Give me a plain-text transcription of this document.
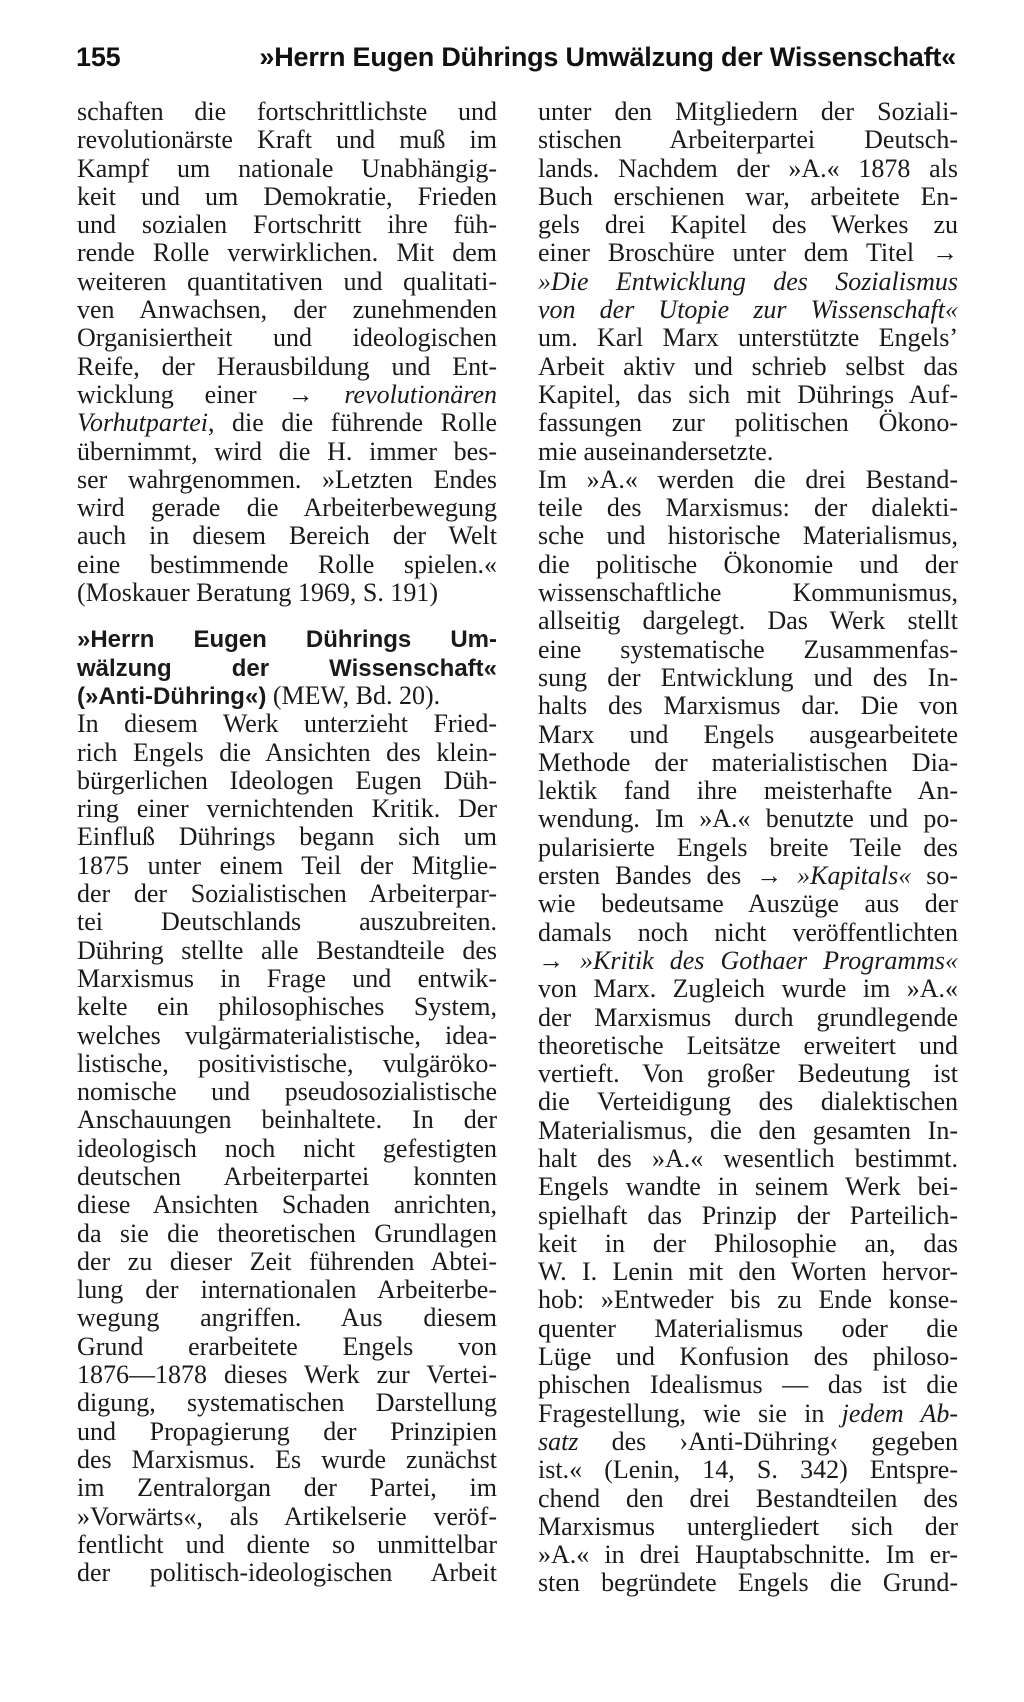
155	»Herrn Eugen Dührings Umwälzung der Wissenschaft«
schaften die fortschrittlichste und
revolutionärste Kraft und muß im
Kampf um nationale Unabhängig-
keit und um Demokratie, Frieden
und sozialen Fortschritt ihre füh-
rende Rolle verwirklichen. Mit dem
weiteren quantitativen und qualitati-
ven Anwachsen, der zunehmenden
Organisiertheit und ideologischen
Reife, der Herausbildung und Ent-
wicklung einer → revolutionären
Vorhutpartei, die die führende Rolle
übernimmt, wird die H. immer bes-
ser wahrgenommen. »Letzten Endes
wird gerade die Arbeiterbewegung
auch in diesem Bereich der Welt
eine bestimmende Rolle spielen.«
(Moskauer Beratung 1969, S. 191)
»Herrn Eugen Dührings Um-
wälzung der Wissenschaft«
(»Anti-Dühring«) (MEW, Bd. 20).
In diesem Werk unterzieht Fried-
rich Engels die Ansichten des klein-
bürgerlichen Ideologen Eugen Düh-
ring einer vernichtenden Kritik. Der
Einfluß Dührings begann sich um
1875 unter einem Teil der Mitglie-
der der Sozialistischen Arbeiterpar-
tei Deutschlands auszubreiten.
Dühring stellte alle Bestandteile des
Marxismus in Frage und entwik-
kelte ein philosophisches System,
welches vulgärmaterialistische, idea-
listische, positivistische, vulgäröko-
nomische und pseudosozialistische
Anschauungen beinhaltete. In der
ideologisch noch nicht gefestigten
deutschen Arbeiterpartei konnten
diese Ansichten Schaden anrichten,
da sie die theoretischen Grundlagen
der zu dieser Zeit führenden Abtei-
lung der internationalen Arbeiterbe-
wegung angriffen. Aus diesem
Grund erarbeitete Engels von
1876—1878 dieses Werk zur Vertei-
digung, systematischen Darstellung
und Propagierung der Prinzipien
des Marxismus. Es wurde zunächst
im Zentralorgan der Partei, im
»Vorwärts«, als Artikelserie veröf-
fentlicht und diente so unmittelbar
der politisch-ideologischen Arbeit
unter den Mitgliedern der Soziali-
stischen Arbeiterpartei Deutsch-
lands. Nachdem der »A.« 1878 als
Buch erschienen war, arbeitete En-
gels drei Kapitel des Werkes zu
einer Broschüre unter dem Titel →
»Die Entwicklung des Sozialismus
von der Utopie zur Wissenschaft«
um. Karl Marx unterstützte Engels’
Arbeit aktiv und schrieb selbst das
Kapitel, das sich mit Dührings Auf-
fassungen zur politischen Ökono-
mie auseinandersetzte.
Im »A.« werden die drei Bestand-
teile des Marxismus: der dialekti-
sche und historische Materialismus,
die politische Ökonomie und der
wissenschaftliche Kommunismus,
allseitig dargelegt. Das Werk stellt
eine systematische Zusammenfas-
sung der Entwicklung und des In-
halts des Marxismus dar. Die von
Marx und Engels ausgearbeitete
Methode der materialistischen Dia-
lektik fand ihre meisterhafte An-
wendung. Im »A.« benutzte und po-
pularisierte Engels breite Teile des
ersten Bandes des → »Kapitals« so-
wie bedeutsame Auszüge aus der
damals noch nicht veröffentlichten
→ »Kritik des Gothaer Programms«
von Marx. Zugleich wurde im »A.«
der Marxismus durch grundlegende
theoretische Leitsätze erweitert und
vertieft. Von großer Bedeutung ist
die Verteidigung des dialektischen
Materialismus, die den gesamten In-
halt des »A.« wesentlich bestimmt.
Engels wandte in seinem Werk bei-
spielhaft das Prinzip der Parteilich-
keit in der Philosophie an, das
W. I. Lenin mit den Worten hervor-
hob: »Entweder bis zu Ende konse-
quenter Materialismus oder die
Lüge und Konfusion des philoso-
phischen Idealismus — das ist die
Fragestellung, wie sie in jedem Ab-
satz des ›Anti-Dühring‹ gegeben
ist.« (Lenin, 14, S. 342) Entspre-
chend den drei Bestandteilen des
Marxismus untergliedert sich der
»A.« in drei Hauptabschnitte. Im er-
sten begründete Engels die Grund-
